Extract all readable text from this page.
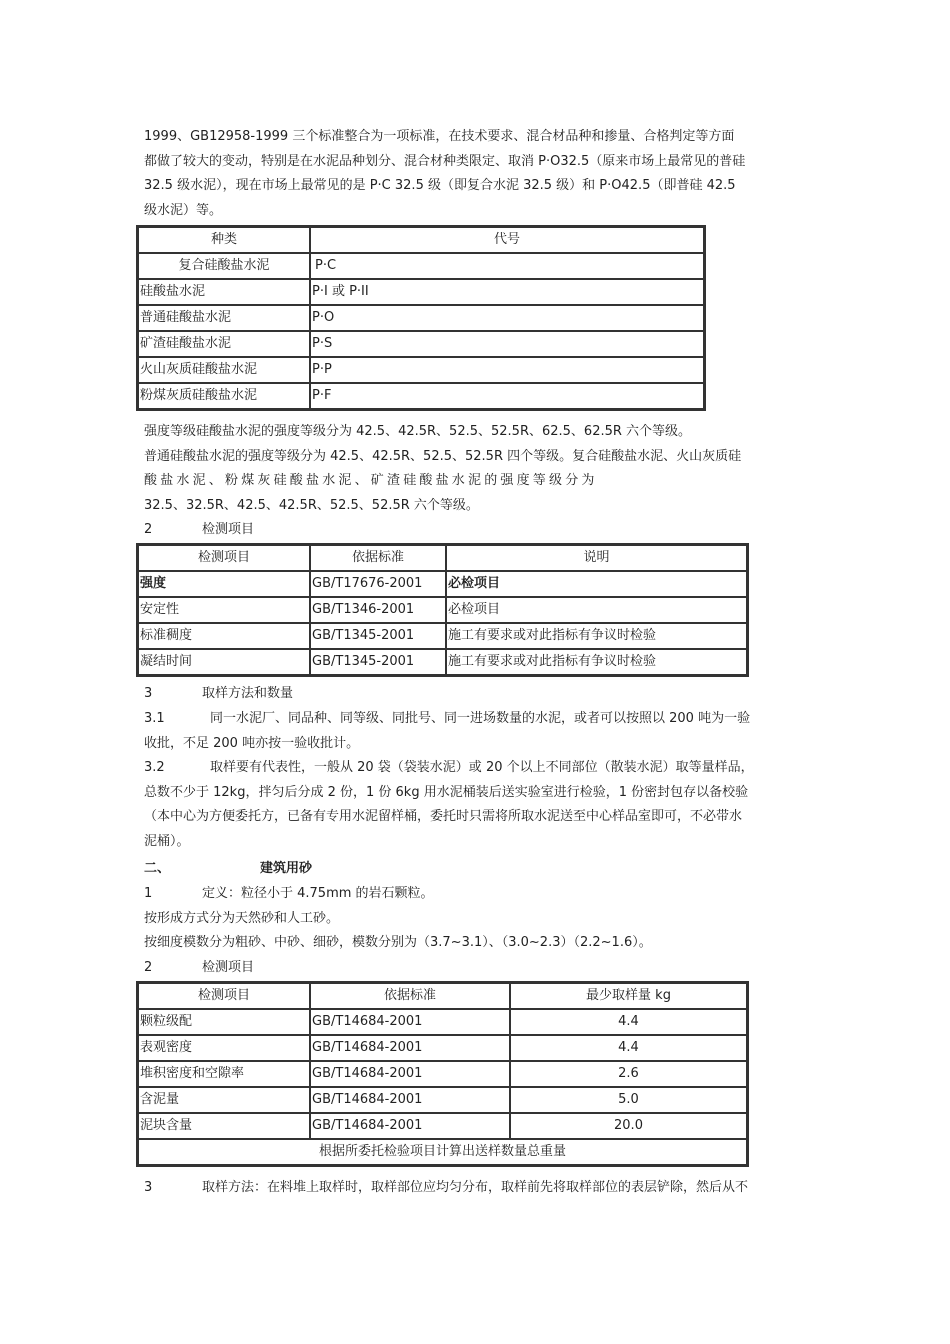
1999、GB12958-1999 三个标准整合为一项标准，在技术要求、混合材品种和掺量、合格判定等方面
都做了较大的变动，特别是在水泥品种划分、混合材种类限定、取消 P·O32.5（原来市场上最常见的普硅
32.5 级水泥），现在市场上最常见的是 P·C 32.5 级（即复合水泥 32.5 级）和 P·O42.5（即普硅 42.5
级水泥）等。

种类	代号
复合硅酸盐水泥	P·C
硅酸盐水泥	P·I 或 P·II
普通硅酸盐水泥	P·O
矿渣硅酸盐水泥	P·S
火山灰质硅酸盐水泥	P·P
粉煤灰质硅酸盐水泥	P·F

强度等级硅酸盐水泥的强度等级分为 42.5、42.5R、52.5、52.5R、62.5、62.5R 六个等级。
普通硅酸盐水泥的强度等级分为 42.5、42.5R、52.5、52.5R 四个等级。复合硅酸盐水泥、火山灰质硅
酸盐水泥、粉煤灰硅酸盐水泥、矿渣硅酸盐水泥的强度等级分为
32.5、32.5R、42.5、42.5R、52.5、52.5R 六个等级。

2	检测项目

检测项目	依据标准	说明
强度	GB/T17676-2001	必检项目
安定性	GB/T1346-2001	必检项目
标准稠度	GB/T1345-2001	施工有要求或对此指标有争议时检验
凝结时间	GB/T1345-2001	施工有要求或对此指标有争议时检验

3	取样方法和数量

3.1	同一水泥厂、同品种、同等级、同批号、同一进场数量的水泥，或者可以按照以 200 吨为一验
收批，不足 200 吨亦按一验收批计。

3.2	取样要有代表性，一般从 20 袋（袋装水泥）或 20 个以上不同部位（散装水泥）取等量样品，
总数不少于 12kg，拌匀后分成 2 份，1 份 6kg 用水泥桶装后送实验室进行检验，1 份密封包存以备校验
（本中心为方便委托方，已备有专用水泥留样桶，委托时只需将所取水泥送至中心样品室即可，不必带水
泥桶）。

二、	建筑用砂

1	定义：粒径小于 4.75mm 的岩石颗粒。
按形成方式分为天然砂和人工砂。
按细度模数分为粗砂、中砂、细砂，模数分别为（3.7~3.1）、（3.0~2.3）（2.2~1.6）。
2	检测项目

检测项目	依据标准	最少取样量 kg
颗粒级配	GB/T14684-2001	4.4
表观密度	GB/T14684-2001	4.4
堆积密度和空隙率	GB/T14684-2001	2.6
含泥量	GB/T14684-2001	5.0
泥块含量	GB/T14684-2001	20.0
根据所委托检验项目计算出送样数量总重量		

3	取样方法：在料堆上取样时，取样部位应均匀分布，取样前先将取样部位的表层铲除，然后从不
